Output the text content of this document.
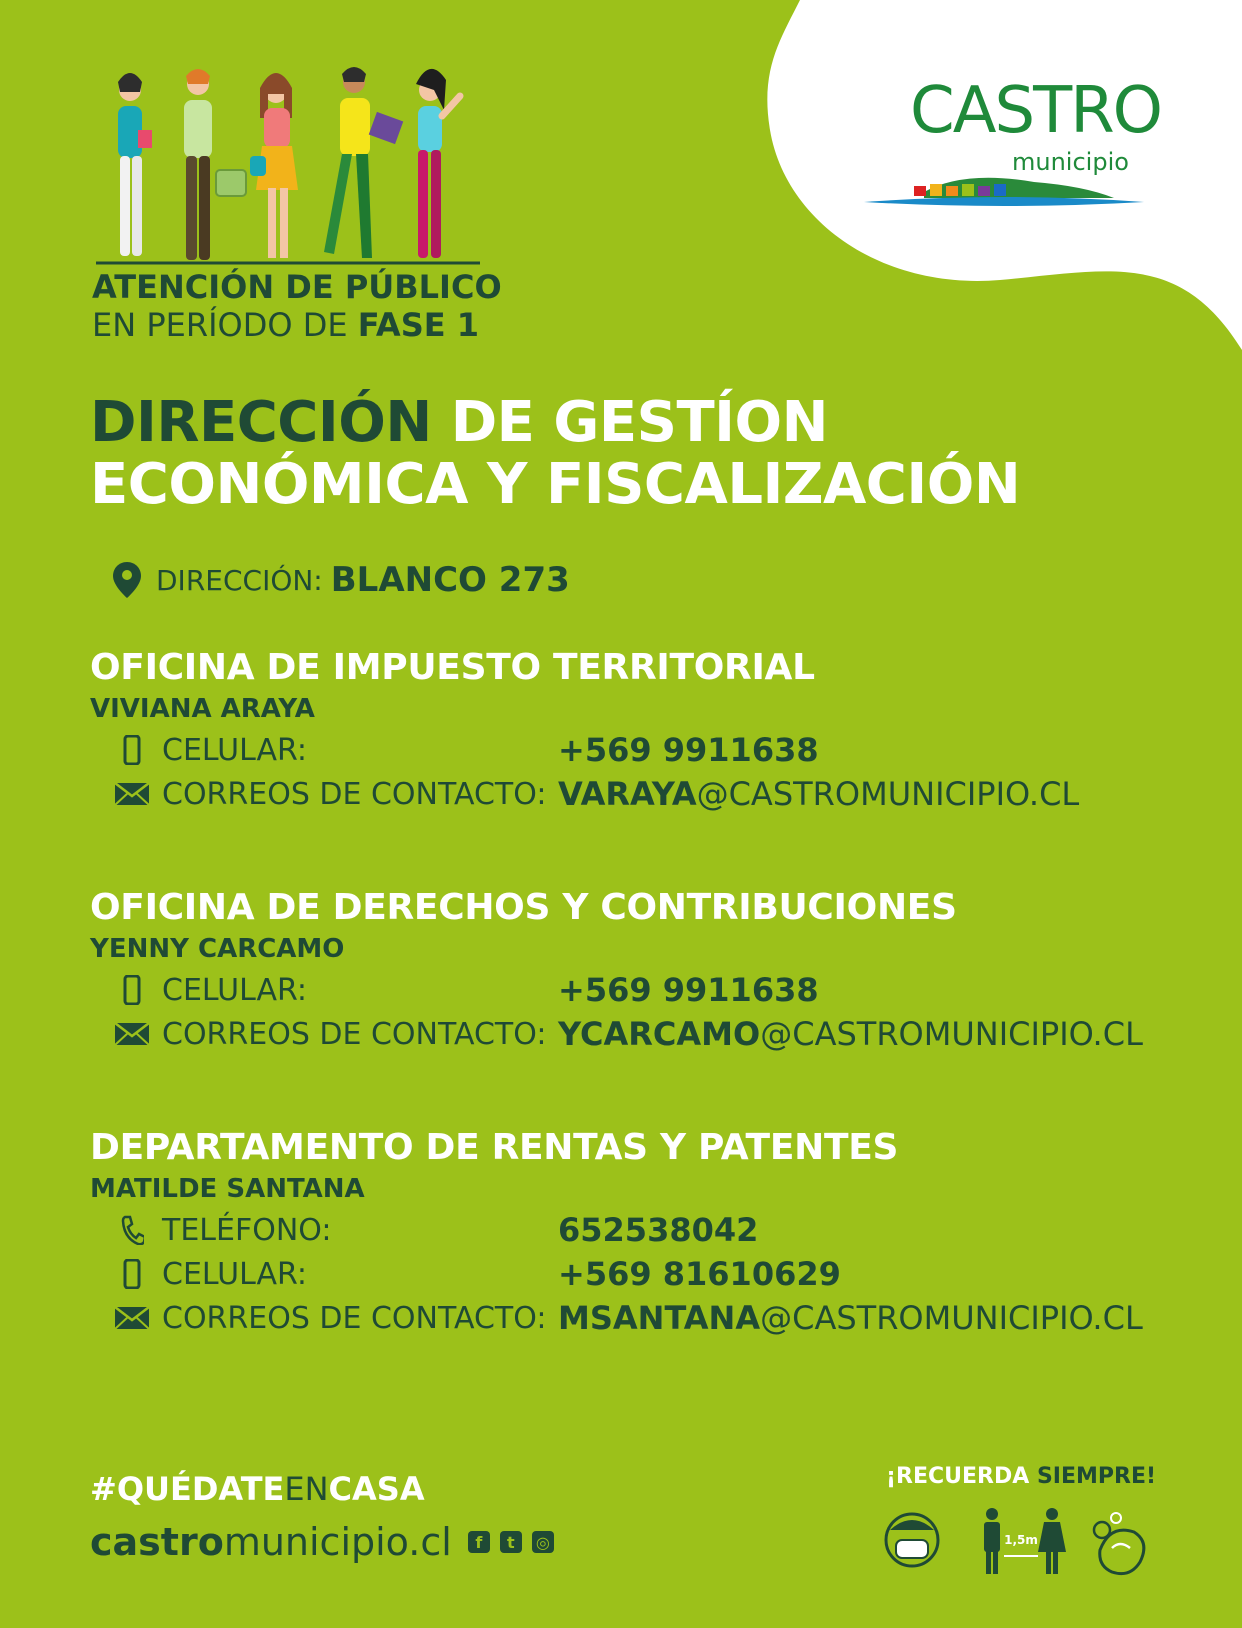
ATENCIÓN DE PÚBLICO
EN PERÍODO DE FASE 1
CASTRO
municipio
DIRECCIÓN DE GESTÍON
ECONÓMICA Y FISCALIZACIÓN
DIRECCIÓN: BLANCO 273
OFICINA DE IMPUESTO TERRITORIAL
VIVIANA ARAYA
CELULAR:	+569 9911638
CORREOS DE CONTACTO: VARAYA@CASTROMUNICIPIO.CL
OFICINA DE DERECHOS Y CONTRIBUCIONES
YENNY CARCAMO
CELULAR:	+569 9911638
CORREOS DE CONTACTO: YCARCAMO@CASTROMUNICIPIO.CL
DEPARTAMENTO DE RENTAS Y PATENTES
MATILDE SANTANA
TELÉFONO:	652538042
CELULAR:	+569 81610629
CORREOS DE CONTACTO: MSANTANA@CASTROMUNICIPIO.CL
#QUÉDATEENCASA
castromunicipio.cl	f	t	◎
¡RECUERDA SIEMPRE!
1,5m
